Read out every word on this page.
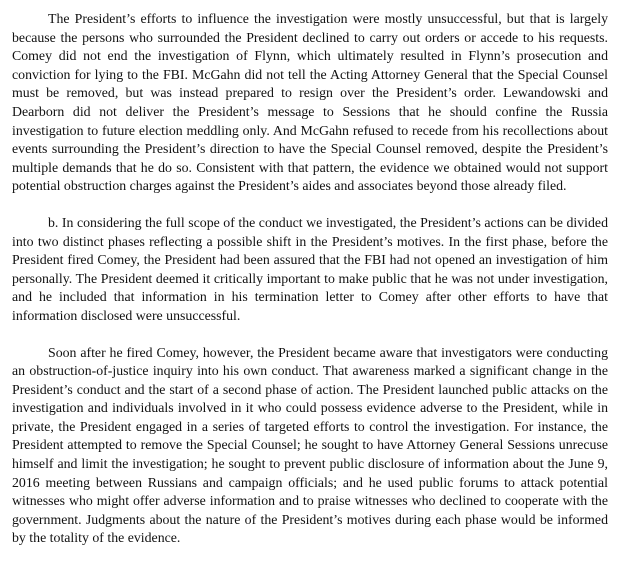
The President’s efforts to influence the investigation were mostly unsuccessful, but that is largely because the persons who surrounded the President declined to carry out orders or accede to his requests. Comey did not end the investigation of Flynn, which ultimately resulted in Flynn’s prosecution and conviction for lying to the FBI. McGahn did not tell the Acting Attorney General that the Special Counsel must be removed, but was instead prepared to resign over the President’s order. Lewandowski and Dearborn did not deliver the President’s message to Sessions that he should confine the Russia investigation to future election meddling only. And McGahn refused to recede from his recollections about events surrounding the President’s direction to have the Special Counsel removed, despite the President’s multiple demands that he do so. Consistent with that pattern, the evidence we obtained would not support potential obstruction charges against the President’s aides and associates beyond those already filed.

b. In considering the full scope of the conduct we investigated, the President’s actions can be divided into two distinct phases reflecting a possible shift in the President’s motives. In the first phase, before the President fired Comey, the President had been assured that the FBI had not opened an investigation of him personally. The President deemed it critically important to make public that he was not under investigation, and he included that information in his termination letter to Comey after other efforts to have that information disclosed were unsuccessful.

Soon after he fired Comey, however, the President became aware that investigators were conducting an obstruction-of-justice inquiry into his own conduct. That awareness marked a significant change in the President’s conduct and the start of a second phase of action. The President launched public attacks on the investigation and individuals involved in it who could possess evidence adverse to the President, while in private, the President engaged in a series of targeted efforts to control the investigation. For instance, the President attempted to remove the Special Counsel; he sought to have Attorney General Sessions unrecuse himself and limit the investigation; he sought to prevent public disclosure of information about the June 9, 2016 meeting between Russians and campaign officials; and he used public forums to attack potential witnesses who might offer adverse information and to praise witnesses who declined to cooperate with the government. Judgments about the nature of the President’s motives during each phase would be informed by the totality of the evidence.
